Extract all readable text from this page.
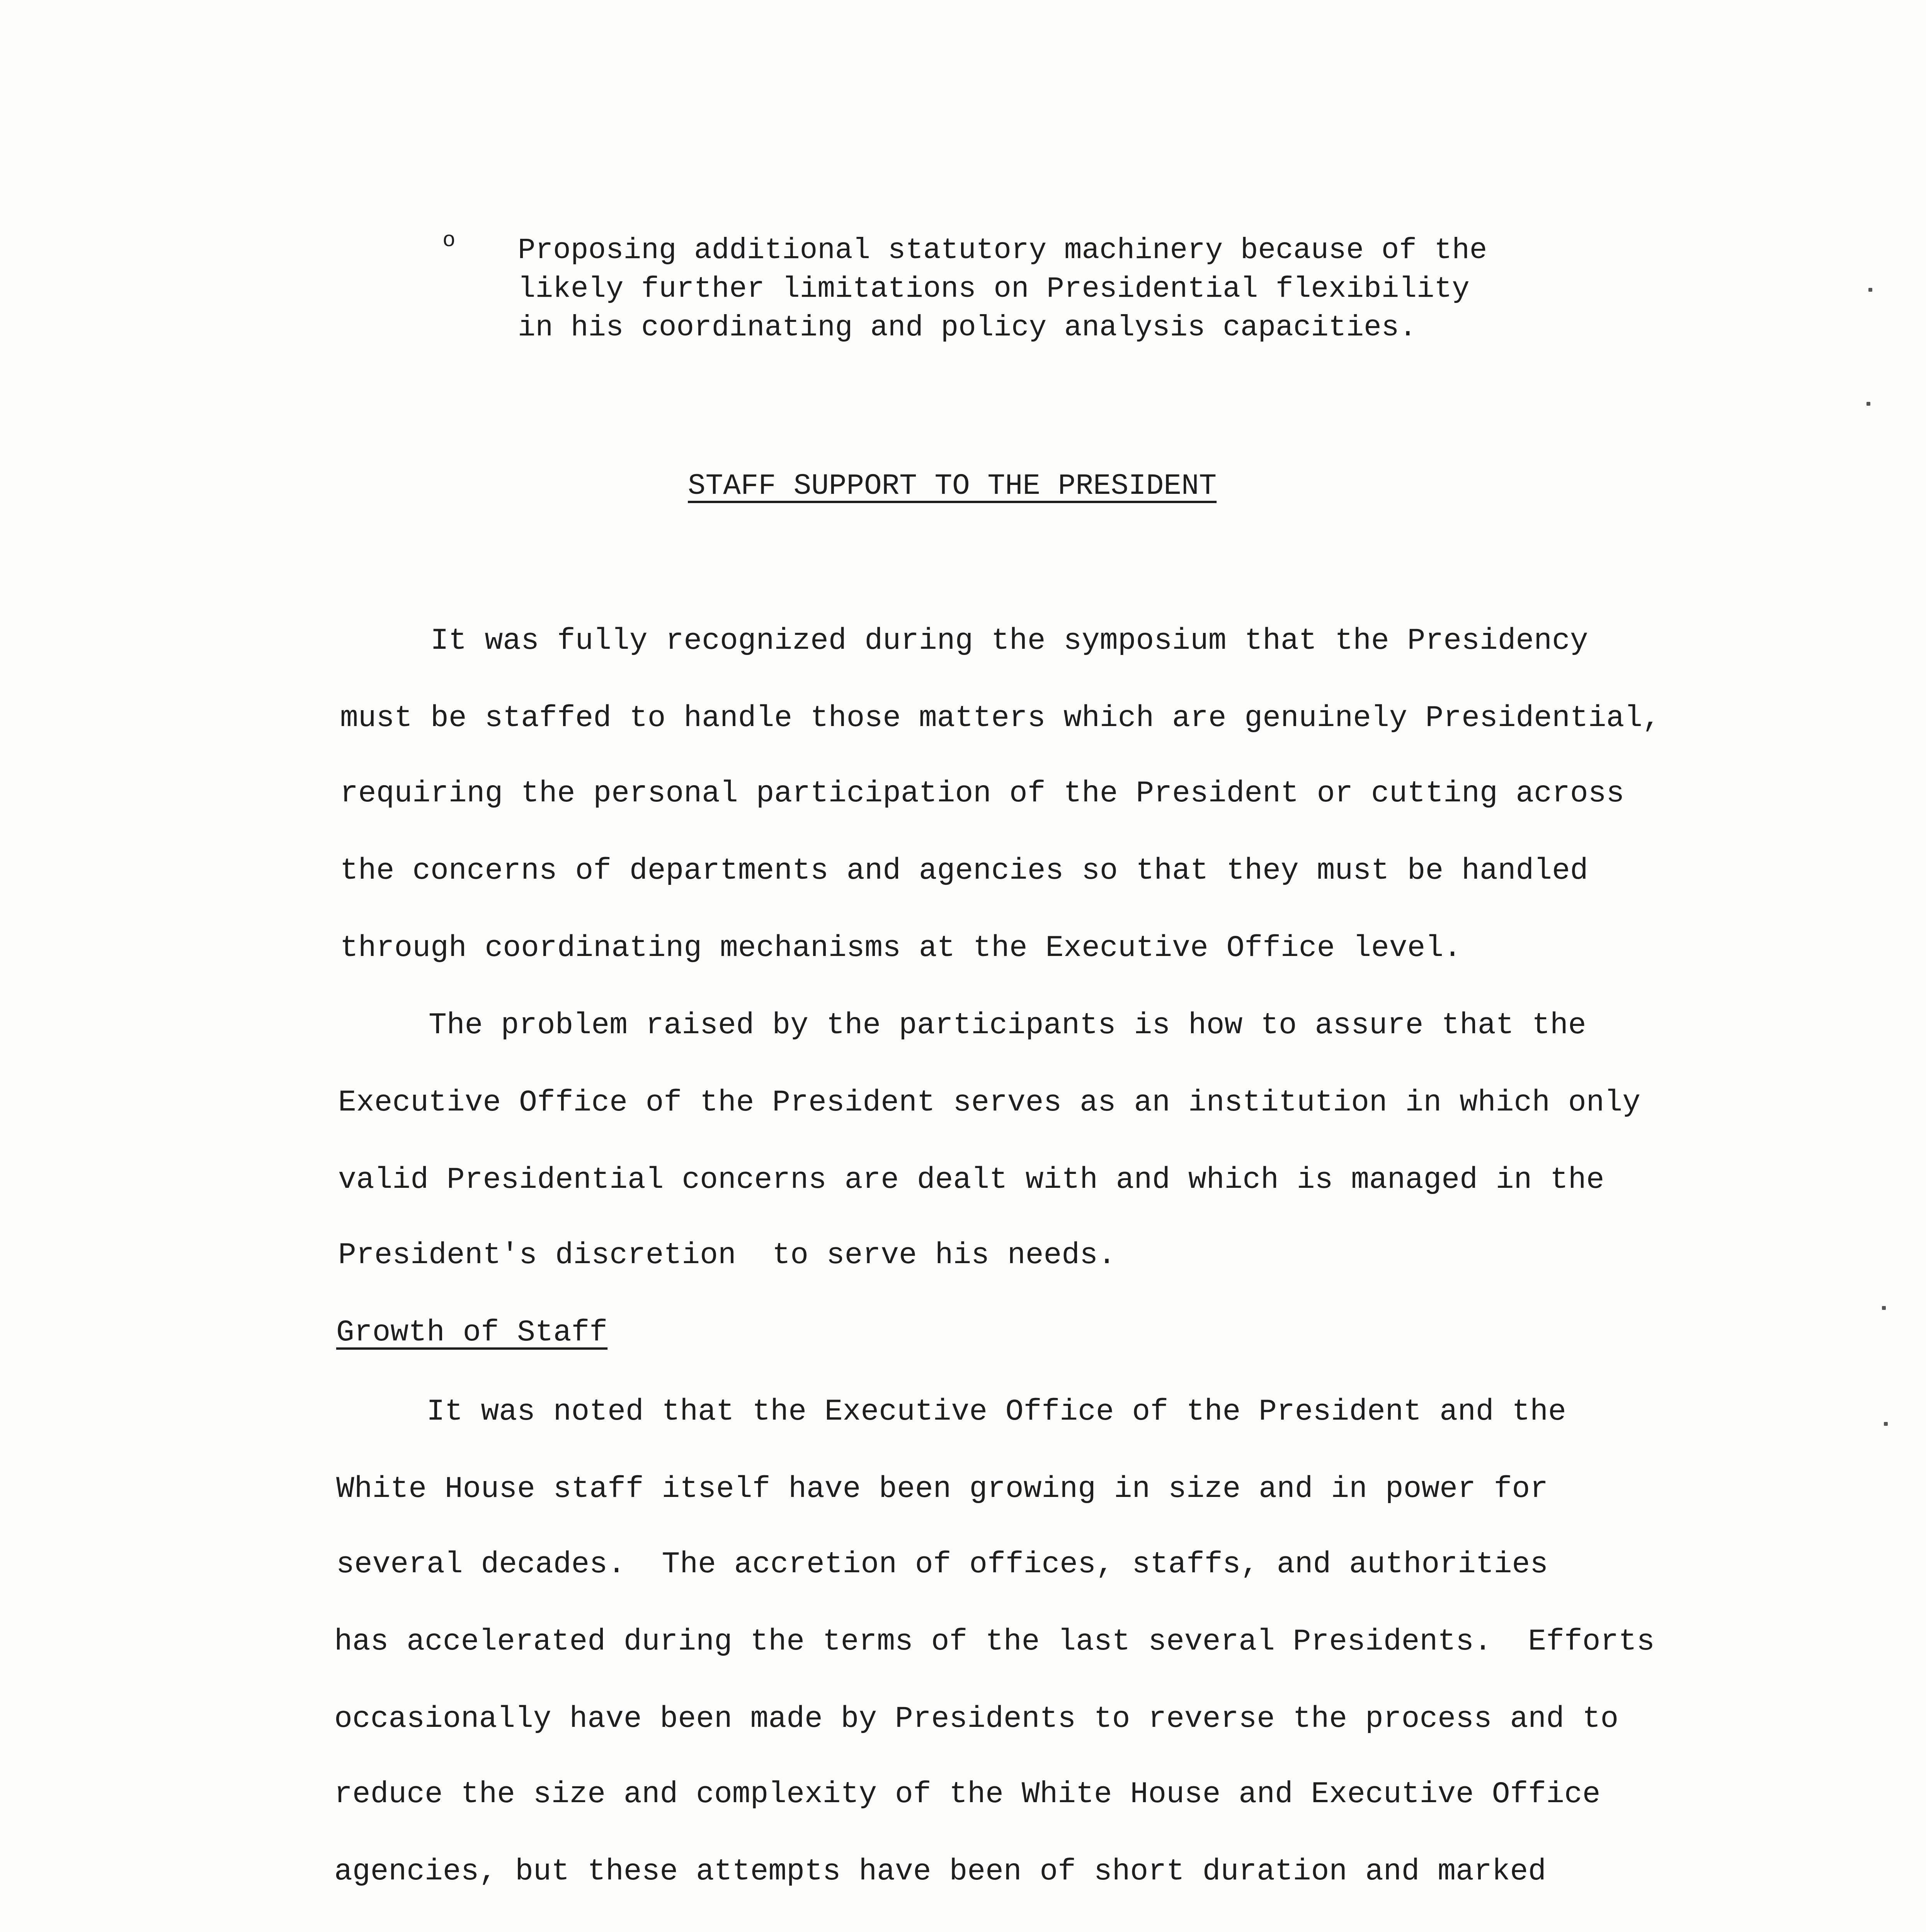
o Proposing additional statutory machinery because of the
likely further limitations on Presidential flexibility
in his coordinating and policy analysis capacities.
STAFF SUPPORT TO THE PRESIDENT
It was fully recognized during the symposium that the Presidency
must be staffed to handle those matters which are genuinely Presidential,
requiring the personal participation of the President or cutting across
the concerns of departments and agencies so that they must be handled
through coordinating mechanisms at the Executive Office level.
The problem raised by the participants is how to assure that the
Executive Office of the President serves as an institution in which only
valid Presidential concerns are dealt with and which is managed in the
President's discretion  to serve his needs.
Growth of Staff
It was noted that the Executive Office of the President and the
White House staff itself have been growing in size and in power for
several decades.  The accretion of offices, staffs, and authorities
has accelerated during the terms of the last several Presidents.  Efforts
occasionally have been made by Presidents to reverse the process and to
reduce the size and complexity of the White House and Executive Office
agencies, but these attempts have been of short duration and marked
